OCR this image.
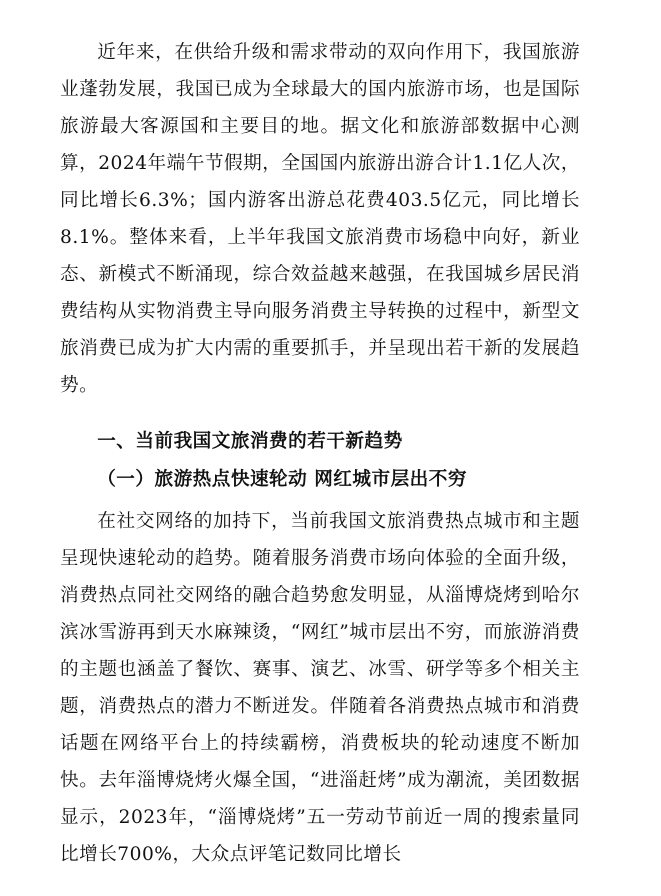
近年来，在供给升级和需求带动的双向作用下，我国旅游业蓬勃发展，我国已成为全球最大的国内旅游市场，也是国际旅游最大客源国和主要目的地。据文化和旅游部数据中心测算，2024年端午节假期，全国国内旅游出游合计1.1亿人次，同比增长6.3%；国内游客出游总花费403.5亿元，同比增长8.1%。整体来看，上半年我国文旅消费市场稳中向好，新业态、新模式不断涌现，综合效益越来越强，在我国城乡居民消费结构从实物消费主导向服务消费主导转换的过程中，新型文旅消费已成为扩大内需的重要抓手，并呈现出若干新的发展趋势。

一、当前我国文旅消费的若干新趋势
（一）旅游热点快速轮动 网红城市层出不穷

在社交网络的加持下，当前我国文旅消费热点城市和主题呈现快速轮动的趋势。随着服务消费市场向体验的全面升级，消费热点同社交网络的融合趋势愈发明显，从淄博烧烤到哈尔滨冰雪游再到天水麻辣烫，“网红”城市层出不穷，而旅游消费的主题也涵盖了餐饮、赛事、演艺、冰雪、研学等多个相关主题，消费热点的潜力不断迸发。伴随着各消费热点城市和消费话题在网络平台上的持续霸榜，消费板块的轮动速度不断加快。去年淄博烧烤火爆全国，“进淄赶烤”成为潮流，美团数据显示，2023年，“淄博烧烤”五一劳动节前近一周的搜索量同比增长700%，大众点评笔记数同比增长
